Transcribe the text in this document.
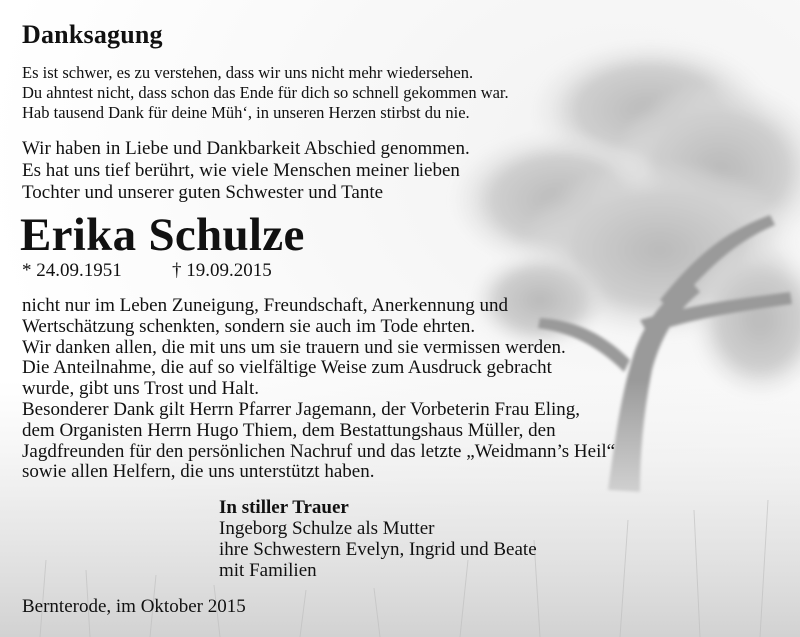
Danksagung
Es ist schwer, es zu verstehen, dass wir uns nicht mehr wiedersehen.
Du ahntest nicht, dass schon das Ende für dich so schnell gekommen war.
Hab tausend Dank für deine Müh‘, in unseren Herzen stirbst du nie.
Wir haben in Liebe und Dankbarkeit Abschied genommen.
Es hat uns tief berührt, wie viele Menschen meiner lieben
Tochter und unserer guten Schwester und Tante
Erika Schulze
* 24.09.1951	† 19.09.2015
nicht nur im Leben Zuneigung, Freundschaft, Anerkennung und
Wertschätzung schenkten, sondern sie auch im Tode ehrten.
Wir danken allen, die mit uns um sie trauern und sie vermissen werden.
Die Anteilnahme, die auf so vielfältige Weise zum Ausdruck gebracht
wurde, gibt uns Trost und Halt.
Besonderer Dank gilt Herrn Pfarrer Jagemann, der Vorbeterin Frau Eling,
dem Organisten Herrn Hugo Thiem, dem Bestattungshaus Müller, den
Jagdfreunden für den persönlichen Nachruf und das letzte „Weidmann’s Heil“
sowie allen Helfern, die uns unterstützt haben.
In stiller Trauer
Ingeborg Schulze als Mutter
ihre Schwestern Evelyn, Ingrid und Beate
mit Familien
Bernterode, im Oktober 2015
